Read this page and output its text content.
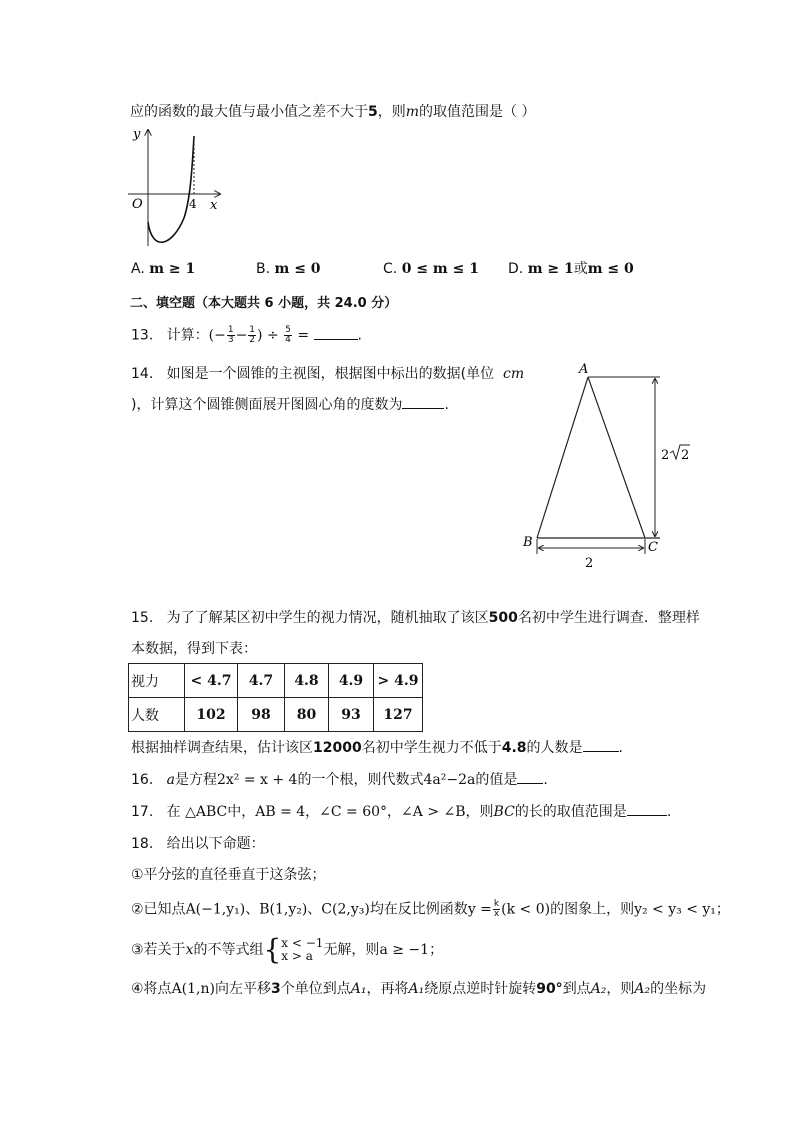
应的函数的最大值与最小值之差不大于5，则m的取值范围是（ ）
y
O	4 x
A. m ≥ 1	B. m ≤ 0	C. 0 ≤ m ≤ 1 D. m ≥ 1或m ≤ 0
二、填空题（本大题共 6 小题，共 24.0 分）
13. 计算：(− $\frac{1}{3} - \frac{1}{2}$ ) ÷ $\frac{5}{4}$ =	.
14. 如图是一个圆锥的主视图，根据图中标出的数据(单位 cm
)，计算这个圆锥侧面展开图圆心角的度数为	.
A
B	C
2 2
2
15. 为了了解某区初中学生的视力情况，随机抽取了该区500名初中学生进行调查．整理样
本数据，得到下表：
视力	< 4.7	4.7	4.8	4.9	> 4.9
人数	102	98	80	93	127
根据抽样调查结果，估计该区12000名初中学生视力不低于4.8的人数是	.
16. a是方程2x² = x + 4的一个根，则代数式4a²−2a的值是 .
17. 在 △ABC中，AB = 4，∠C = 60°，∠A > ∠B，则BC的长的取值范围是	.
18. 给出以下命题：
①平分弦的直径垂直于这条弦；
②已知点A(−1,y₁)、B(1,y₂)、C(2,y₃)均在反比例函数$y = \frac{k}{x} (k < 0)$的图象上，则y₂ < y₃ < y₁；
③若关于x的不等式组{ x < −1
x > a 无解，则a ≥ −1；
④将点A(1,n)向左平移3个单位到点A₁，再将A₁绕原点逆时针旋转90°到点A₂，则A₂的坐标为
